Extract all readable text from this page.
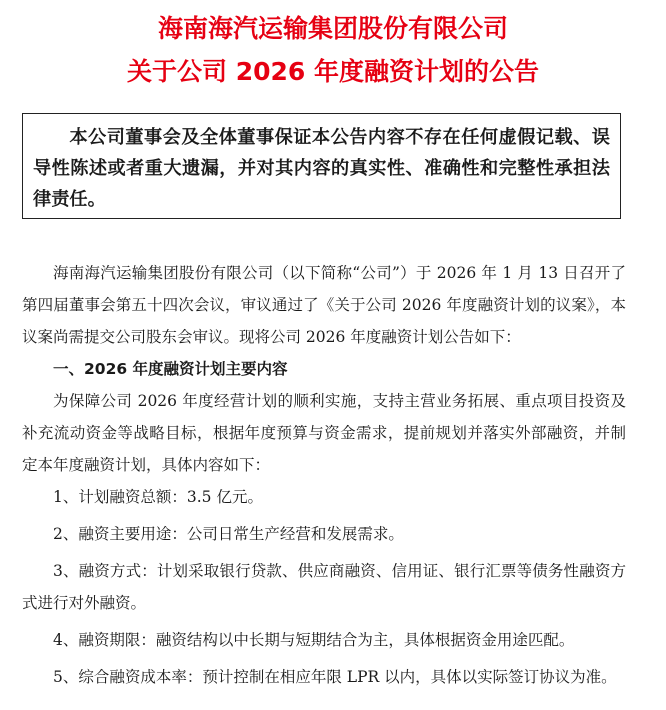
海南海汽运输集团股份有限公司
关于公司 2026 年度融资计划的公告

本公司董事会及全体董事保证本公告内容不存在任何虚假记载、误导性陈述或者重大遗漏，并对其内容的真实性、准确性和完整性承担法律责任。

海南海汽运输集团股份有限公司（以下简称“公司”）于 2026 年 1 月 13 日召开了第四届董事会第五十四次会议，审议通过了《关于公司 2026 年度融资计划的议案》，本议案尚需提交公司股东会审议。现将公司 2026 年度融资计划公告如下：

一、2026 年度融资计划主要内容

为保障公司 2026 年度经营计划的顺利实施，支持主营业务拓展、重点项目投资及补充流动资金等战略目标，根据年度预算与资金需求，提前规划并落实外部融资，并制定本年度融资计划，具体内容如下：

1、计划融资总额：3.5 亿元。

2、融资主要用途：公司日常生产经营和发展需求。

3、融资方式：计划采取银行贷款、供应商融资、信用证、银行汇票等债务性融资方式进行对外融资。

4、融资期限：融资结构以中长期与短期结合为主，具体根据资金用途匹配。

5、综合融资成本率：预计控制在相应年限 LPR 以内，具体以实际签订协议为准。
